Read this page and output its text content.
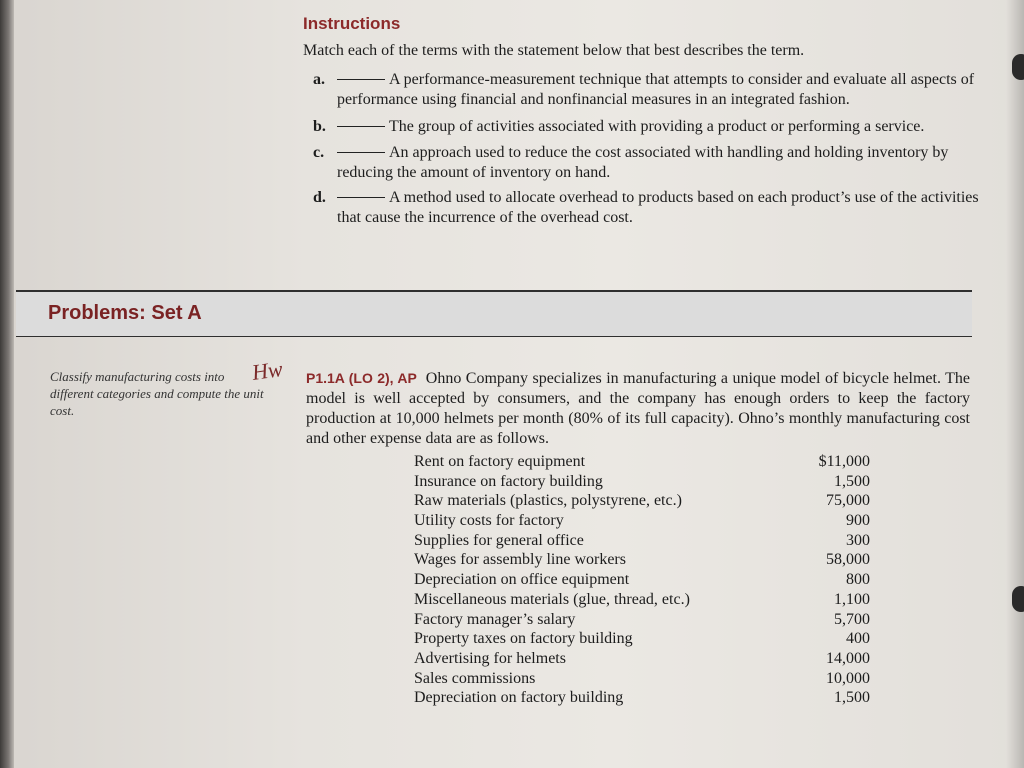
Instructions
Match each of the terms with the statement below that best describes the term.
a.	A performance-measurement technique that attempts to consider and evaluate all aspects of
performance using financial and nonfinancial measures in an integrated fashion.
b.	The group of activities associated with providing a product or performing a service.
c.	An approach used to reduce the cost associated with handling and holding inventory by
reducing the amount of inventory on hand.
d.	A method used to allocate overhead to products based on each product’s use of the activities
that cause the incurrence of the overhead cost.
Problems: Set A
Classify manufacturing costs into different categories and compute the unit cost.
Hw P1.1A (LO 2), AP Ohno Company specializes in manufacturing a unique model of bicycle helmet. The model is well accepted by consumers, and the company has enough orders to keep the factory production at 10,000 helmets per month (80% of its full capacity). Ohno’s monthly manufacturing cost and other expense data are as follows.
Rent on factory equipment	$11,000
Insurance on factory building	1,500
Raw materials (plastics, polystyrene, etc.)	75,000
Utility costs for factory	900
Supplies for general office	300
Wages for assembly line workers	58,000
Depreciation on office equipment	800
Miscellaneous materials (glue, thread, etc.)	1,100
Factory manager’s salary	5,700
Property taxes on factory building	400
Advertising for helmets	14,000
Sales commissions	10,000
Depreciation on factory building	1,500
